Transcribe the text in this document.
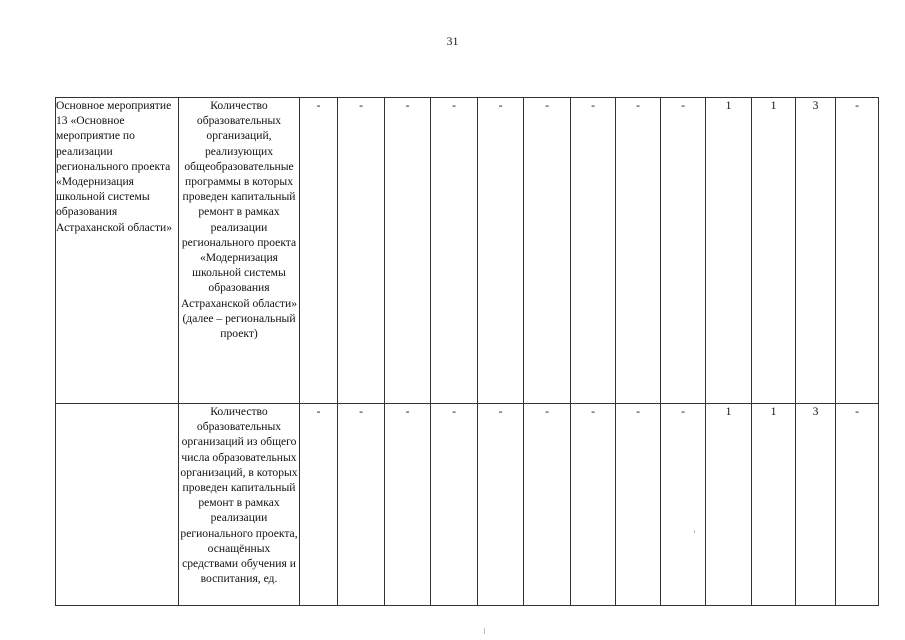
31
Основное мероприятие 13 «Основное мероприятие по реализации регионального проекта «Модернизация школьной системы образования Астраханской области»	Количество образовательных организаций, реализующих общеобразовательные программы в которых проведен капитальный ремонт в рамках реализации регионального проекта «Модернизация школьной системы образования Астраханской области» (далее – региональный проект)	-	-	-	-	-	-	-	-	-	1	1	3	-
	Количество образовательных организаций из общего числа образовательных организаций, в которых проведен капитальный ремонт в рамках реализации регионального проекта, оснащённых средствами обучения и воспитания, ед.	-	-	-	-	-	-	-	-	-	1	1	3	-
